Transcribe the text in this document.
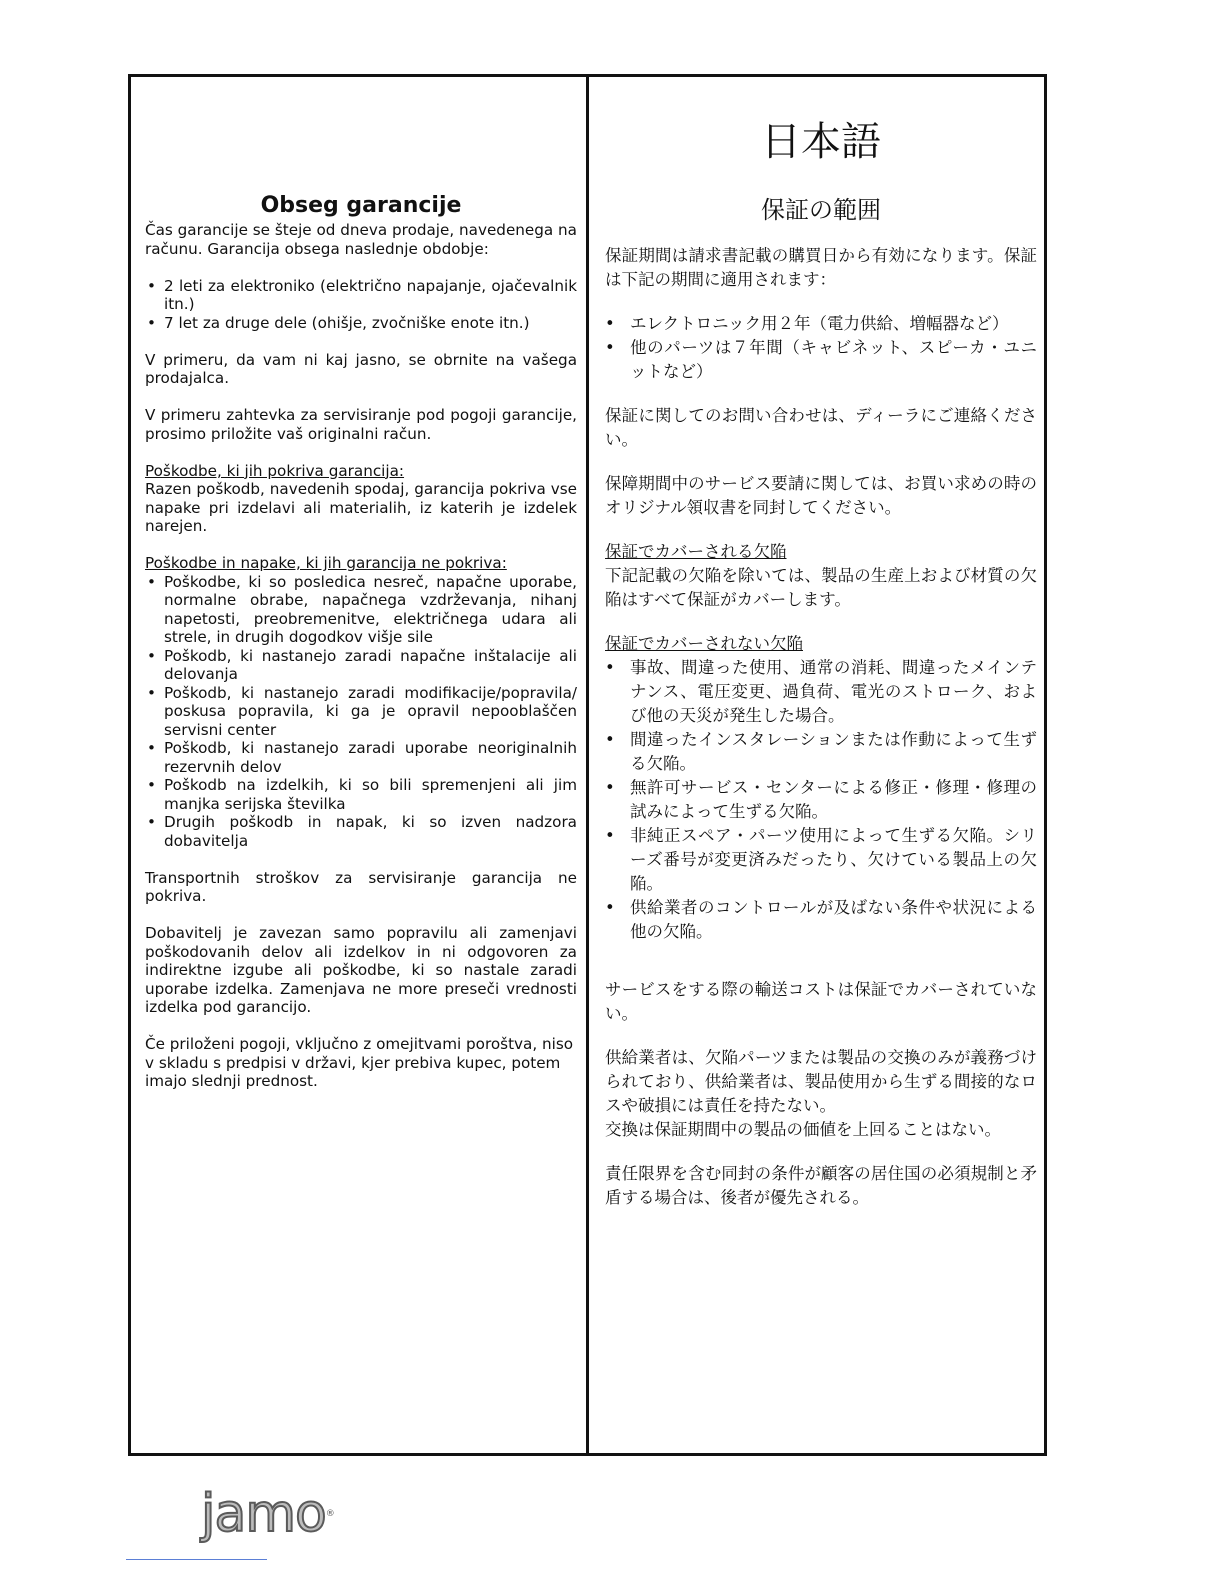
Obseg garancije

Čas garancije se šteje od dneva prodaje, navedenega na računu. Garancija obsega naslednje obdobje:

• 2 leti za elektroniko (električno napajanje, ojačevalnik itn.)
• 7 let za druge dele (ohišje, zvočniške enote itn.)

V primeru, da vam ni kaj jasno, se obrnite na vašega prodajalca.

V primeru zahtevka za servisiranje pod pogoji garancije, prosimo priložite vaš originalni račun.

Poškodbe, ki jih pokriva garancija:

Razen poškodb, navedenih spodaj, garancija pokriva vse napake pri izdelavi ali materialih, iz katerih je izdelek narejen.

Poškodbe in napake, ki jih garancija ne pokriva:

• Poškodbe, ki so posledica nesreč, napačne uporabe, normalne obrabe, napačnega vzdrževanja, nihanj napetosti, preobremenitve, električnega udara ali strele, in drugih dogodkov višje sile
• Poškodb, ki nastanejo zaradi napačne inštalacije ali delovanja
• Poškodb, ki nastanejo zaradi modifikacije/popravila/ poskusa popravila, ki ga je opravil nepooblaščen servisni center
• Poškodb, ki nastanejo zaradi uporabe neoriginalnih rezervnih delov
• Poškodb na izdelkih, ki so bili spremenjeni ali jim manjka serijska številka
• Drugih poškodb in napak, ki so izven nadzora dobavitelja

Transportnih stroškov za servisiranje garancija ne pokriva.

Dobavitelj je zavezan samo popravilu ali zamenjavi poškodovanih delov ali izdelkov in ni odgovoren za indirektne izgube ali poškodbe, ki so nastale zaradi uporabe izdelka. Zamenjava ne more preseči vrednosti izdelka pod garancijo.

Če priloženi pogoji, vključno z omejitvami poroštva, niso v skladu s predpisi v državi, kjer prebiva kupec, potem imajo slednji prednost.

日本語
保証の範囲

保証期間は請求書記載の購買日から有効になります。保証は下記の期間に適用されます：

• エレクトロニック用２年（電力供給、増幅器など）
• 他のパーツは７年間（キャビネット、スピーカ・ユニットなど）

保証に関してのお問い合わせは、ディーラにご連絡ください。

保障期間中のサービス要請に関しては、お買い求めの時のオリジナル領収書を同封してください。

保証でカバーされる欠陥

下記記載の欠陥を除いては、製品の生産上および材質の欠陥はすべて保証がカバーします。

保証でカバーされない欠陥

• 事故、間違った使用、通常の消耗、間違ったメインテナンス、電圧変更、過負荷、電光のストローク、および他の天災が発生した場合。
• 間違ったインスタレーションまたは作動によって生ずる欠陥。
• 無許可サービス・センターによる修正・修理・修理の試みによって生ずる欠陥。
• 非純正スペア・パーツ使用によって生ずる欠陥。シリーズ番号が変更済みだったり、欠けている製品上の欠陥。
• 供給業者のコントロールが及ばない条件や状況による他の欠陥。

サービスをする際の輸送コストは保証でカバーされていない。

供給業者は、欠陥パーツまたは製品の交換のみが義務づけられており、供給業者は、製品使用から生ずる間接的なロスや破損には責任を持たない。

交換は保証期間中の製品の価値を上回ることはない。

責任限界を含む同封の条件が顧客の居住国の必須規制と矛盾する場合は、後者が優先される。

jamo®
